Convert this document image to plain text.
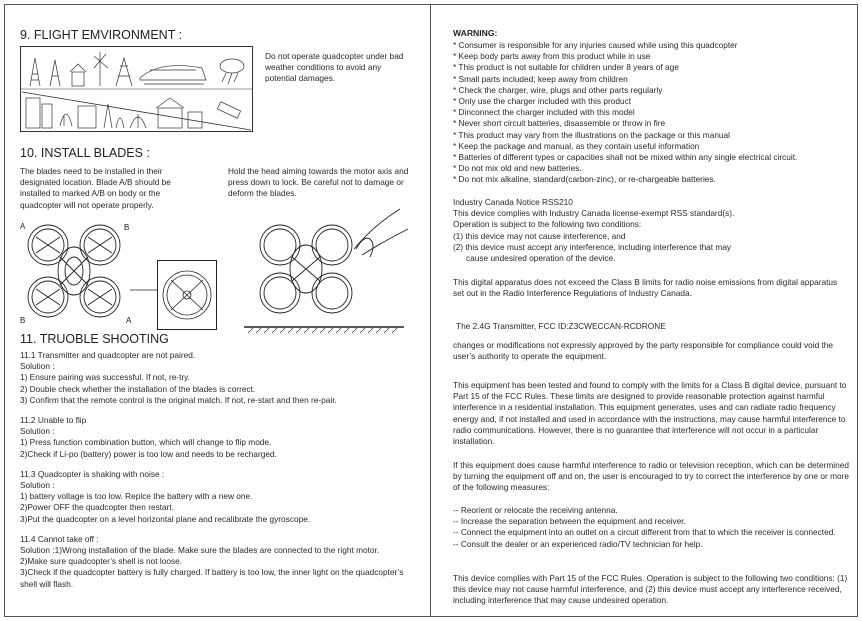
9. FLIGHT EMVIRONMENT :
Do not operate quadcopter under bad weather conditions to avoid any potential damages.
10. INSTALL BLADES :
The blades need to be installed in their designated location. Blade A/B should be installed to marked A/B on body or the quadcopter will not operate properly.
Hold the head aiming towards the motor axis and press down to lock. Be careful not to damage or deform the blades.
A	B
B	A
11. TRUOBLE SHOOTING
11.1 Transmitter and quadcopter are not paired.
Solution :
1) Ensure pairing was successful. If not, re-try.
2) Double check whether the installation of the blades is correct.
3) Confirm that the remote control is the original match. If not, re-start and then re-pair.
11.2 Unable to flip
Solution :
1) Press function combination button, which will change to flip mode.
2)Check if Li-po (battery) power is too low and needs to be recharged.
11.3 Quadcopter is shaking with noise :
Solution :
1) battery voltage is too low. Replce the battery with a new one.
2)Power OFF the quadcopter then restart.
3)Put the quadcopter on a level horizontal plane and recalibrate the gyroscope.
11.4 Cannot take off :
Solution :1)Wrong installation of the blade. Make sure the blades are connected to the right motor.
2)Make sure quadcopter’s shell is not loose.
3)Check if the quadcopter battery is fully charged. If battery is too low, the inner light on the quadcopter’s shell will flash.
WARNING:
* Consumer is responsible for any injuries caused while using this quadcopter
* Keep body parts away from this product while in use
* This product is not suitable for children under 8 years of age
* Small parts included; keep away from children
* Check the charger, wire, plugs and other parts regularly
* Only use the charger included with this product
* Dinconnect the charger included with this model
* Never short circuit batteries, disassemble or throw in fire
* This product may vary from the illustrations on the package or this manual
* Keep the package and manual, as they contain useful information
* Batteries of different types or capacities shall not be mixed within any single electrical circuit.
* Do not mix old and new batteries.
* Do not mix alkaline, standard(carbon-zinc), or re-chargeable batteries.
Industry Canada Notice RSS210
This device complies with Industry Canada license-exempt RSS standard(s).
Operation is subject to the following two conditions:
(1) this device may not cause interference, and
(2) this device must accept any interference, including interference that may
cause undesired operation of the device.
This digital apparatus does not exceed the Class B limits for radio noise emissions from digital apparatus set out in the Radio Interference Regulations of Industry Canada.
The 2.4G Transmitter, FCC ID:Z3CWECCAN-RCDRONE
changes or modifications not expressly approved by the party responsible for compliance could void the user’s authority to operate the equipment.
This equipment has been tested and found to comply with the limits for a Class B digital device, pursuant to Part 15 of the FCC Rules. These limits are designed to provide reasonable protection against harmful interference in a residential installation. This equipment generates, uses and can radiate radio frequency energy and, if not installed and used in accordance with the instructions, may cause harmful interference to radio communications. However, there is no guarantee that interference will not occur in a particular installation.
If this equipment does cause harmful interference to radio or television reception, which can be determined by turning the equipment off and on, the user is encouraged to try to correct the interference by one or more of the following measures:
-- Reorient or relocate the receiving antenna.
-- Increase the separation between the equipment and receiver.
-- Connect the equipment into an outlet on a circuit different from that to which the receiver is connected.
-- Consult the dealer or an experienced radio/TV technician for help.
This device complies with Part 15 of the FCC Rules. Operation is subject to the following two conditions: (1) this device may not cause harmful interference, and (2) this device must accept any interference received, including interference that may cause undesired operation.
